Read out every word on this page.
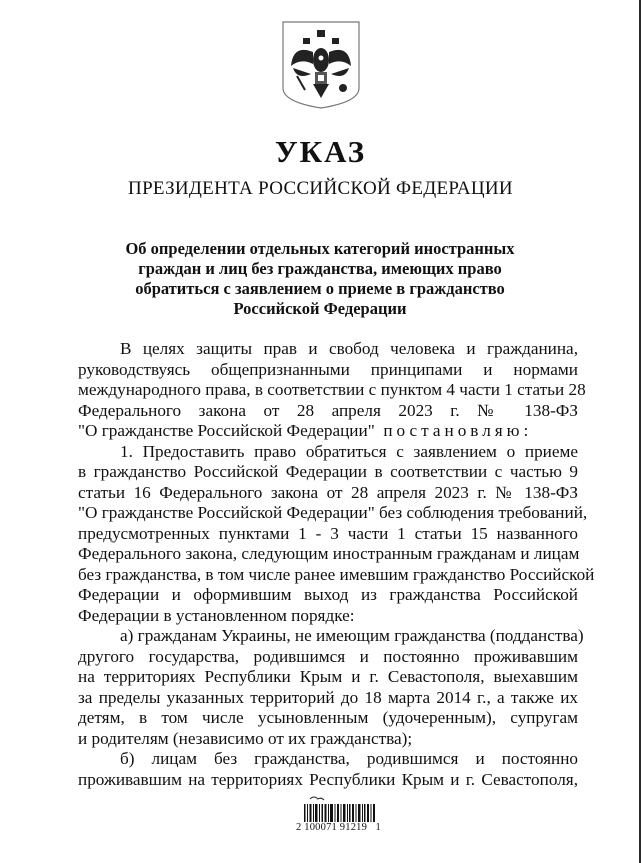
УКАЗ
ПРЕЗИДЕНТА РОССИЙСКОЙ ФЕДЕРАЦИИ
Об определении отдельных категорий иностранных
граждан и лиц без гражданства, имеющих право
обратиться с заявлением о приеме в гражданство
Российской Федерации
В целях защиты прав и свобод человека и гражданина,
руководствуясь общепризнанными принципами и нормами
международного права, в соответствии с пунктом 4 части 1 статьи 28
Федерального закона от 28 апреля 2023 г. № 138-ФЗ
"О гражданстве Российской Федерации" постановляю:
1. Предоставить право обратиться с заявлением о приеме
в гражданство Российской Федерации в соответствии с частью 9
статьи 16 Федерального закона от 28 апреля 2023 г. № 138-ФЗ
"О гражданстве Российской Федерации" без соблюдения требований,
предусмотренных пунктами 1 - 3 части 1 статьи 15 названного
Федерального закона, следующим иностранным гражданам и лицам
без гражданства, в том числе ранее имевшим гражданство Российской
Федерации и оформившим выход из гражданства Российской
Федерации в установленном порядке:
а) гражданам Украины, не имеющим гражданства (подданства)
другого государства, родившимся и постоянно проживавшим
на территориях Республики Крым и г. Севастополя, выехавшим
за пределы указанных территорий до 18 марта 2014 г., а также их
детям, в том числе усыновленным (удочеренным), супругам
и родителям (независимо от их гражданства);
б) лицам без гражданства, родившимся и постоянно
проживавшим на территориях Республики Крым и г. Севастополя,
2 100071 91219   1
